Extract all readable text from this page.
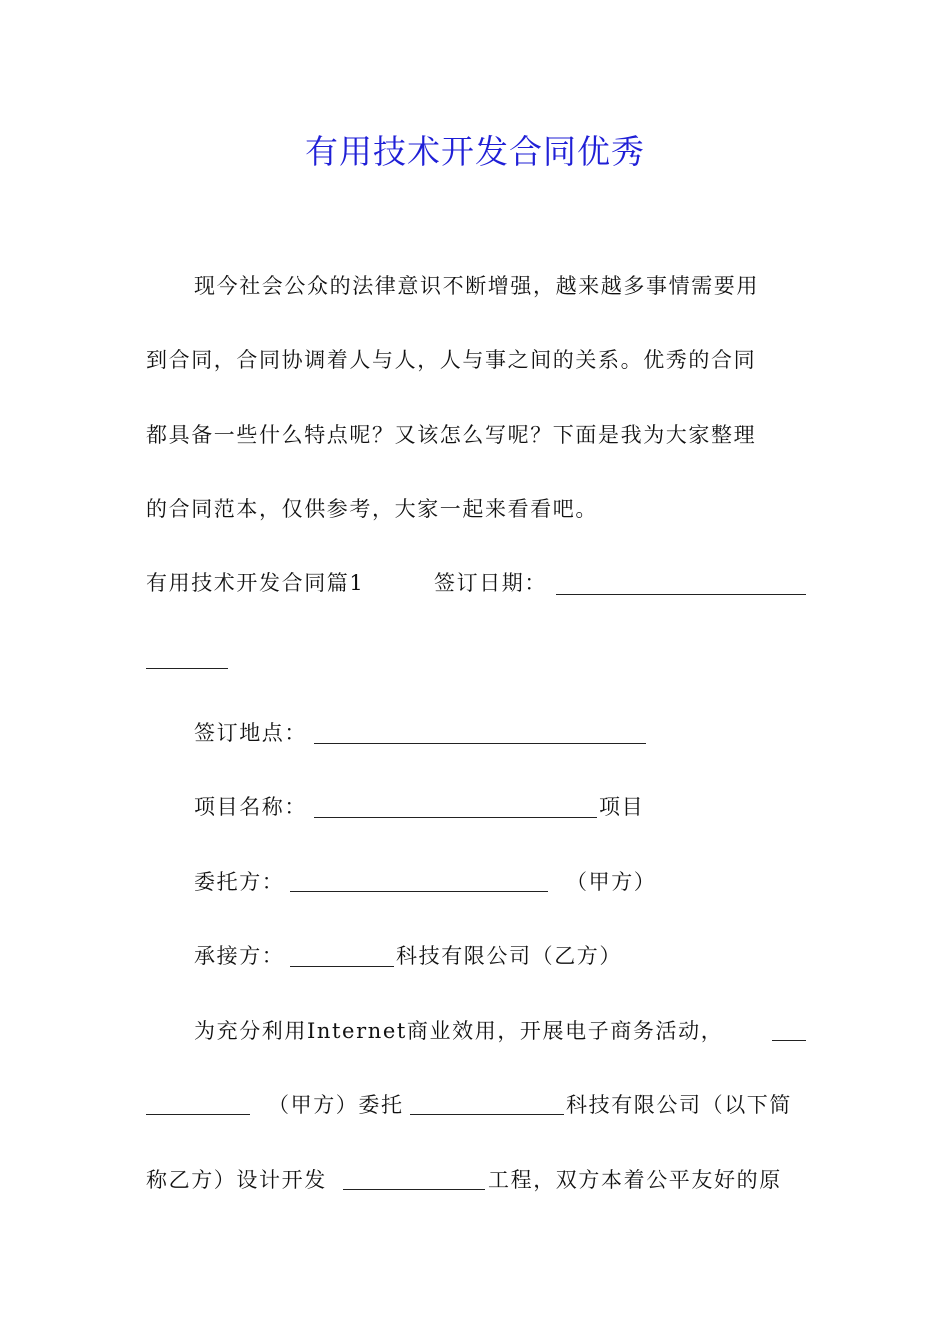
有用技术开发合同优秀
现今社会公众的法律意识不断增强，越来越多事情需要用
到合同，合同协调着人与人，人与事之间的关系。优秀的合同
都具备一些什么特点呢？又该怎么写呢？下面是我为大家整理
的合同范本，仅供参考，大家一起来看看吧。
有用技术开发合同篇1	签订日期：
签订地点：
项目名称：	项目
委托方：	（甲方）
承接方：	科技有限公司（乙方）
为充分利用Internet商业效用，开展电子商务活动，
（甲方）委托	科技有限公司（以下简
称乙方）设计开发	工程，双方本着公平友好的原
